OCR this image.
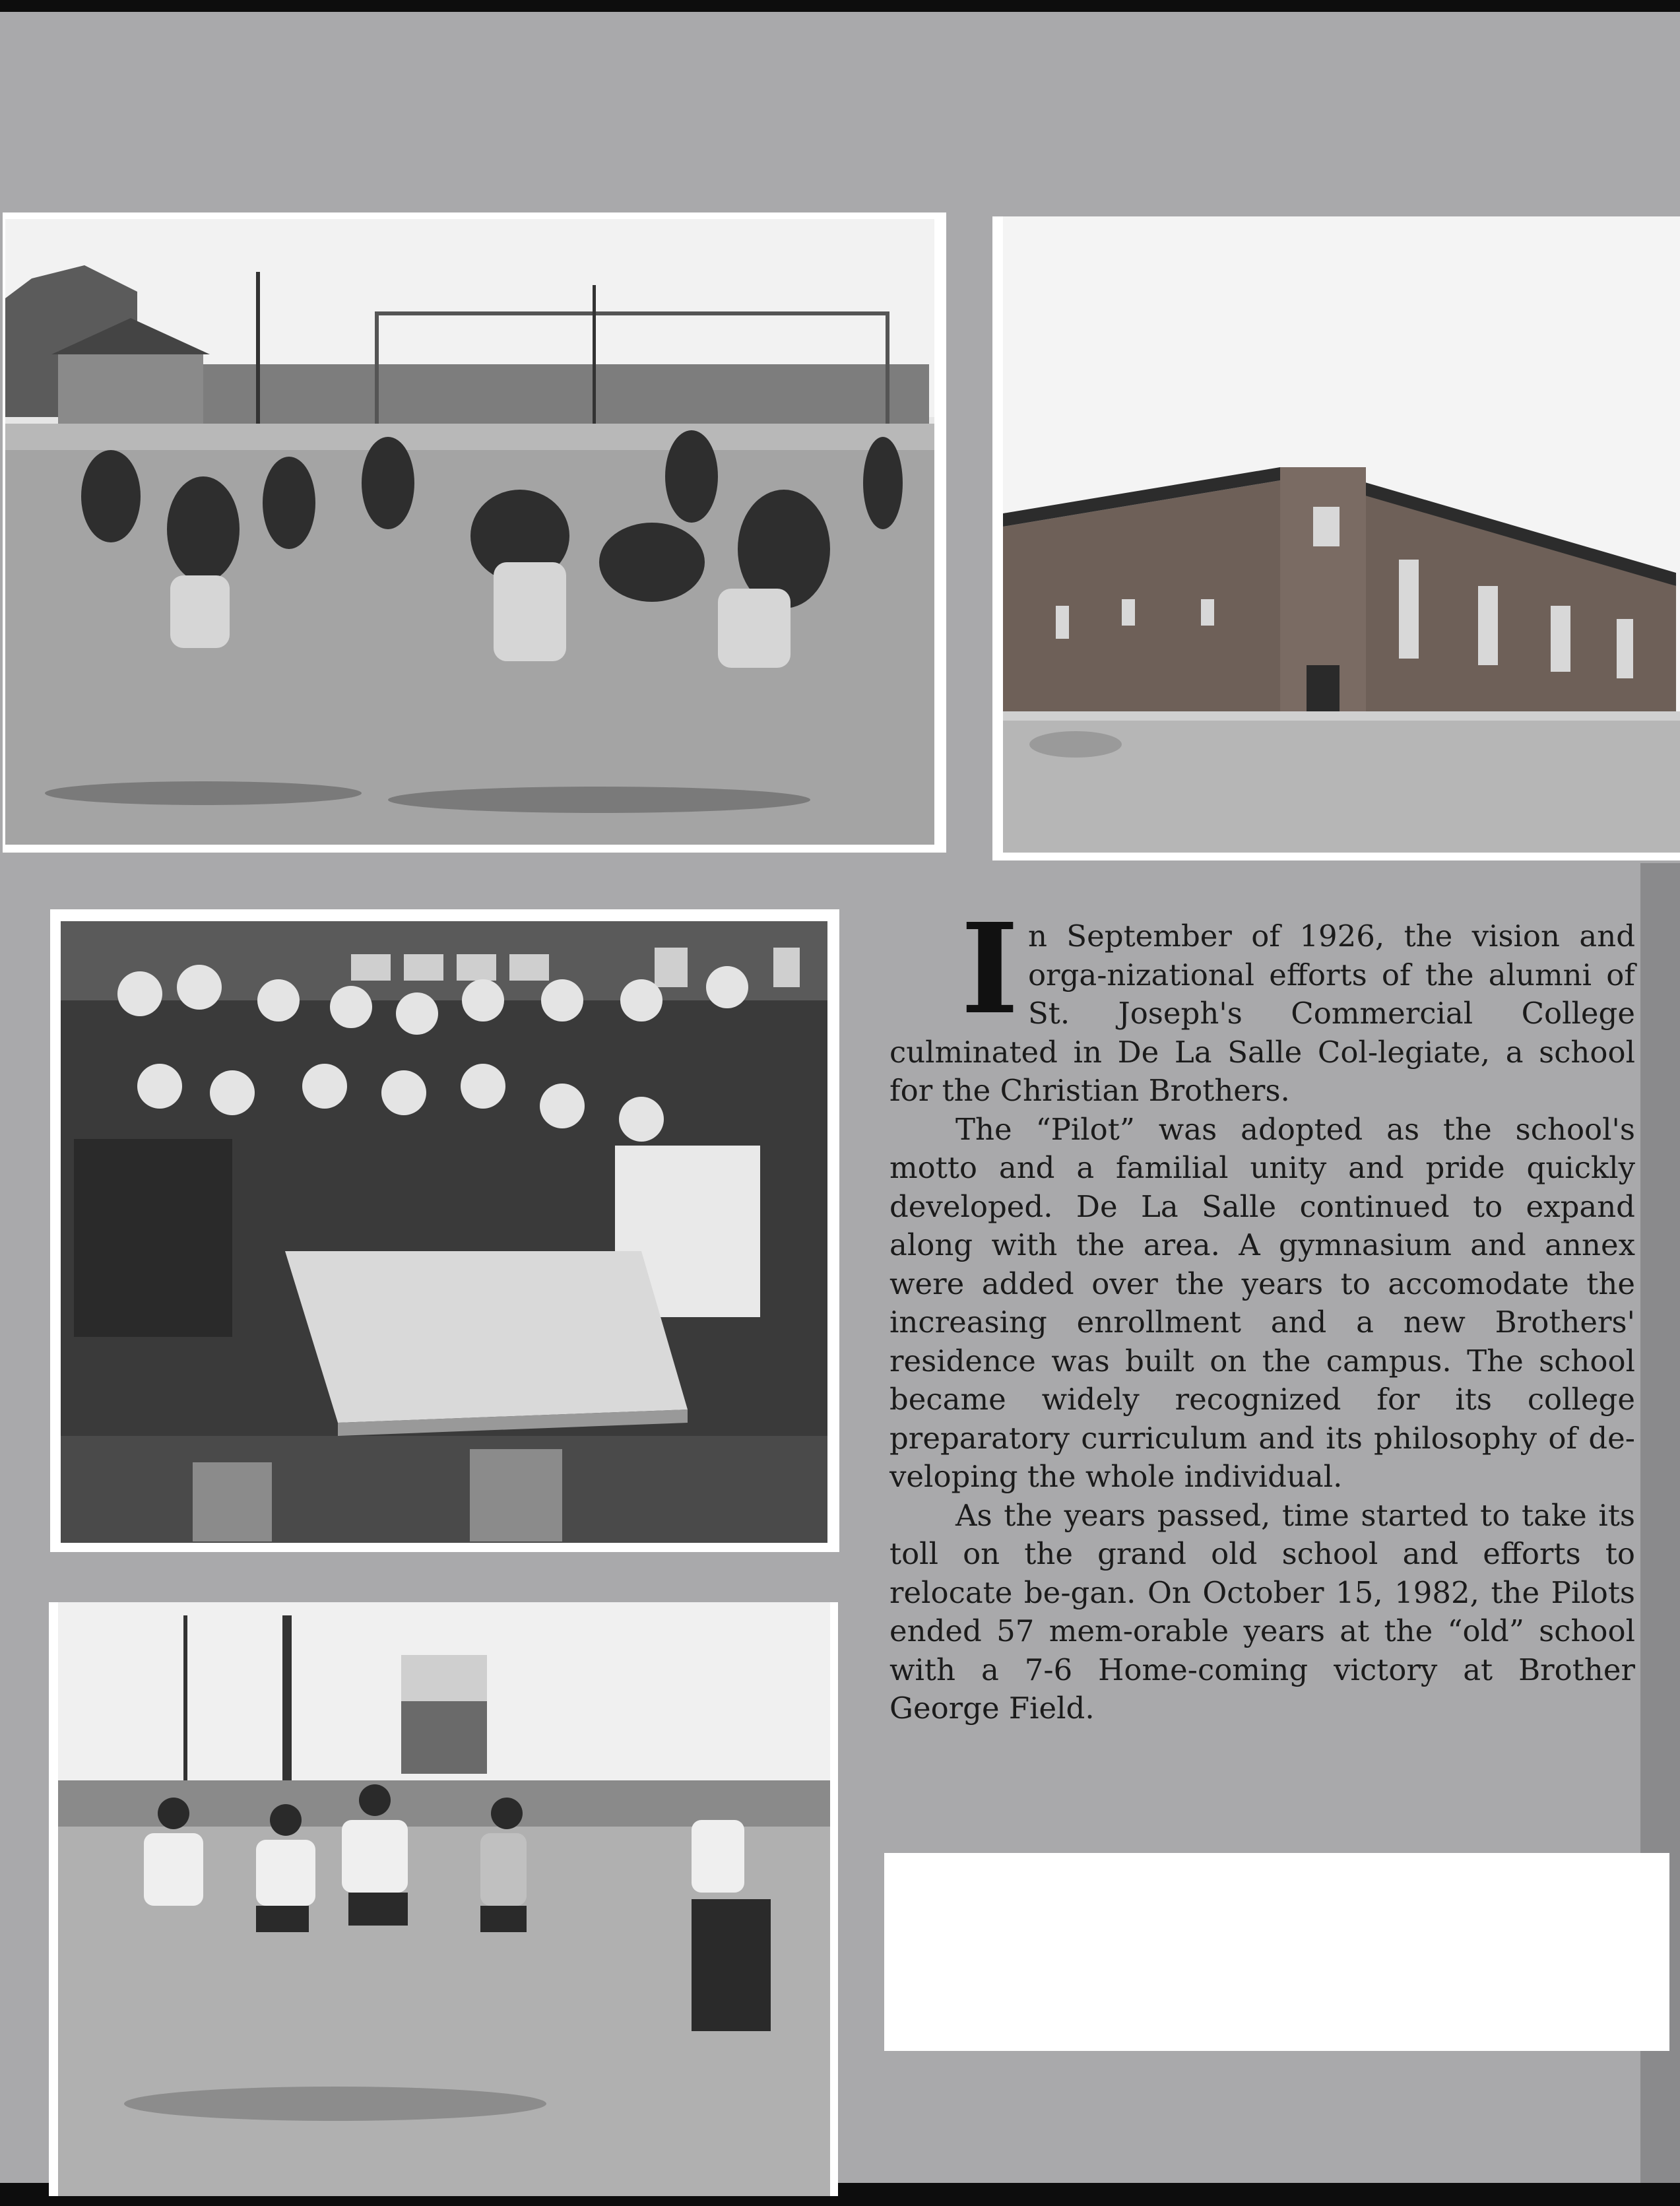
I n September of 1926, the vision and orga-nizational efforts of the alumni of St. Joseph's Commercial College culminated in De La Salle Col-legiate, a school for the Christian Brothers.

The “Pilot” was adopted as the school's motto and a familial unity and pride quickly developed. De La Salle continued to expand along with the area. A gymnasium and annex were added over the years to accomodate the increasing enrollment and a new Brothers' residence was built on the campus. The school became widely recognized for its college preparatory curriculum and its philosophy of de-veloping the whole individual.

As the years passed, time started to take its toll on the grand old school and efforts to relocate be-gan. On October 15, 1982, the Pilots ended 57 mem-orable years at the “old” school with a 7-6 Home-coming victory at Brother George Field.
